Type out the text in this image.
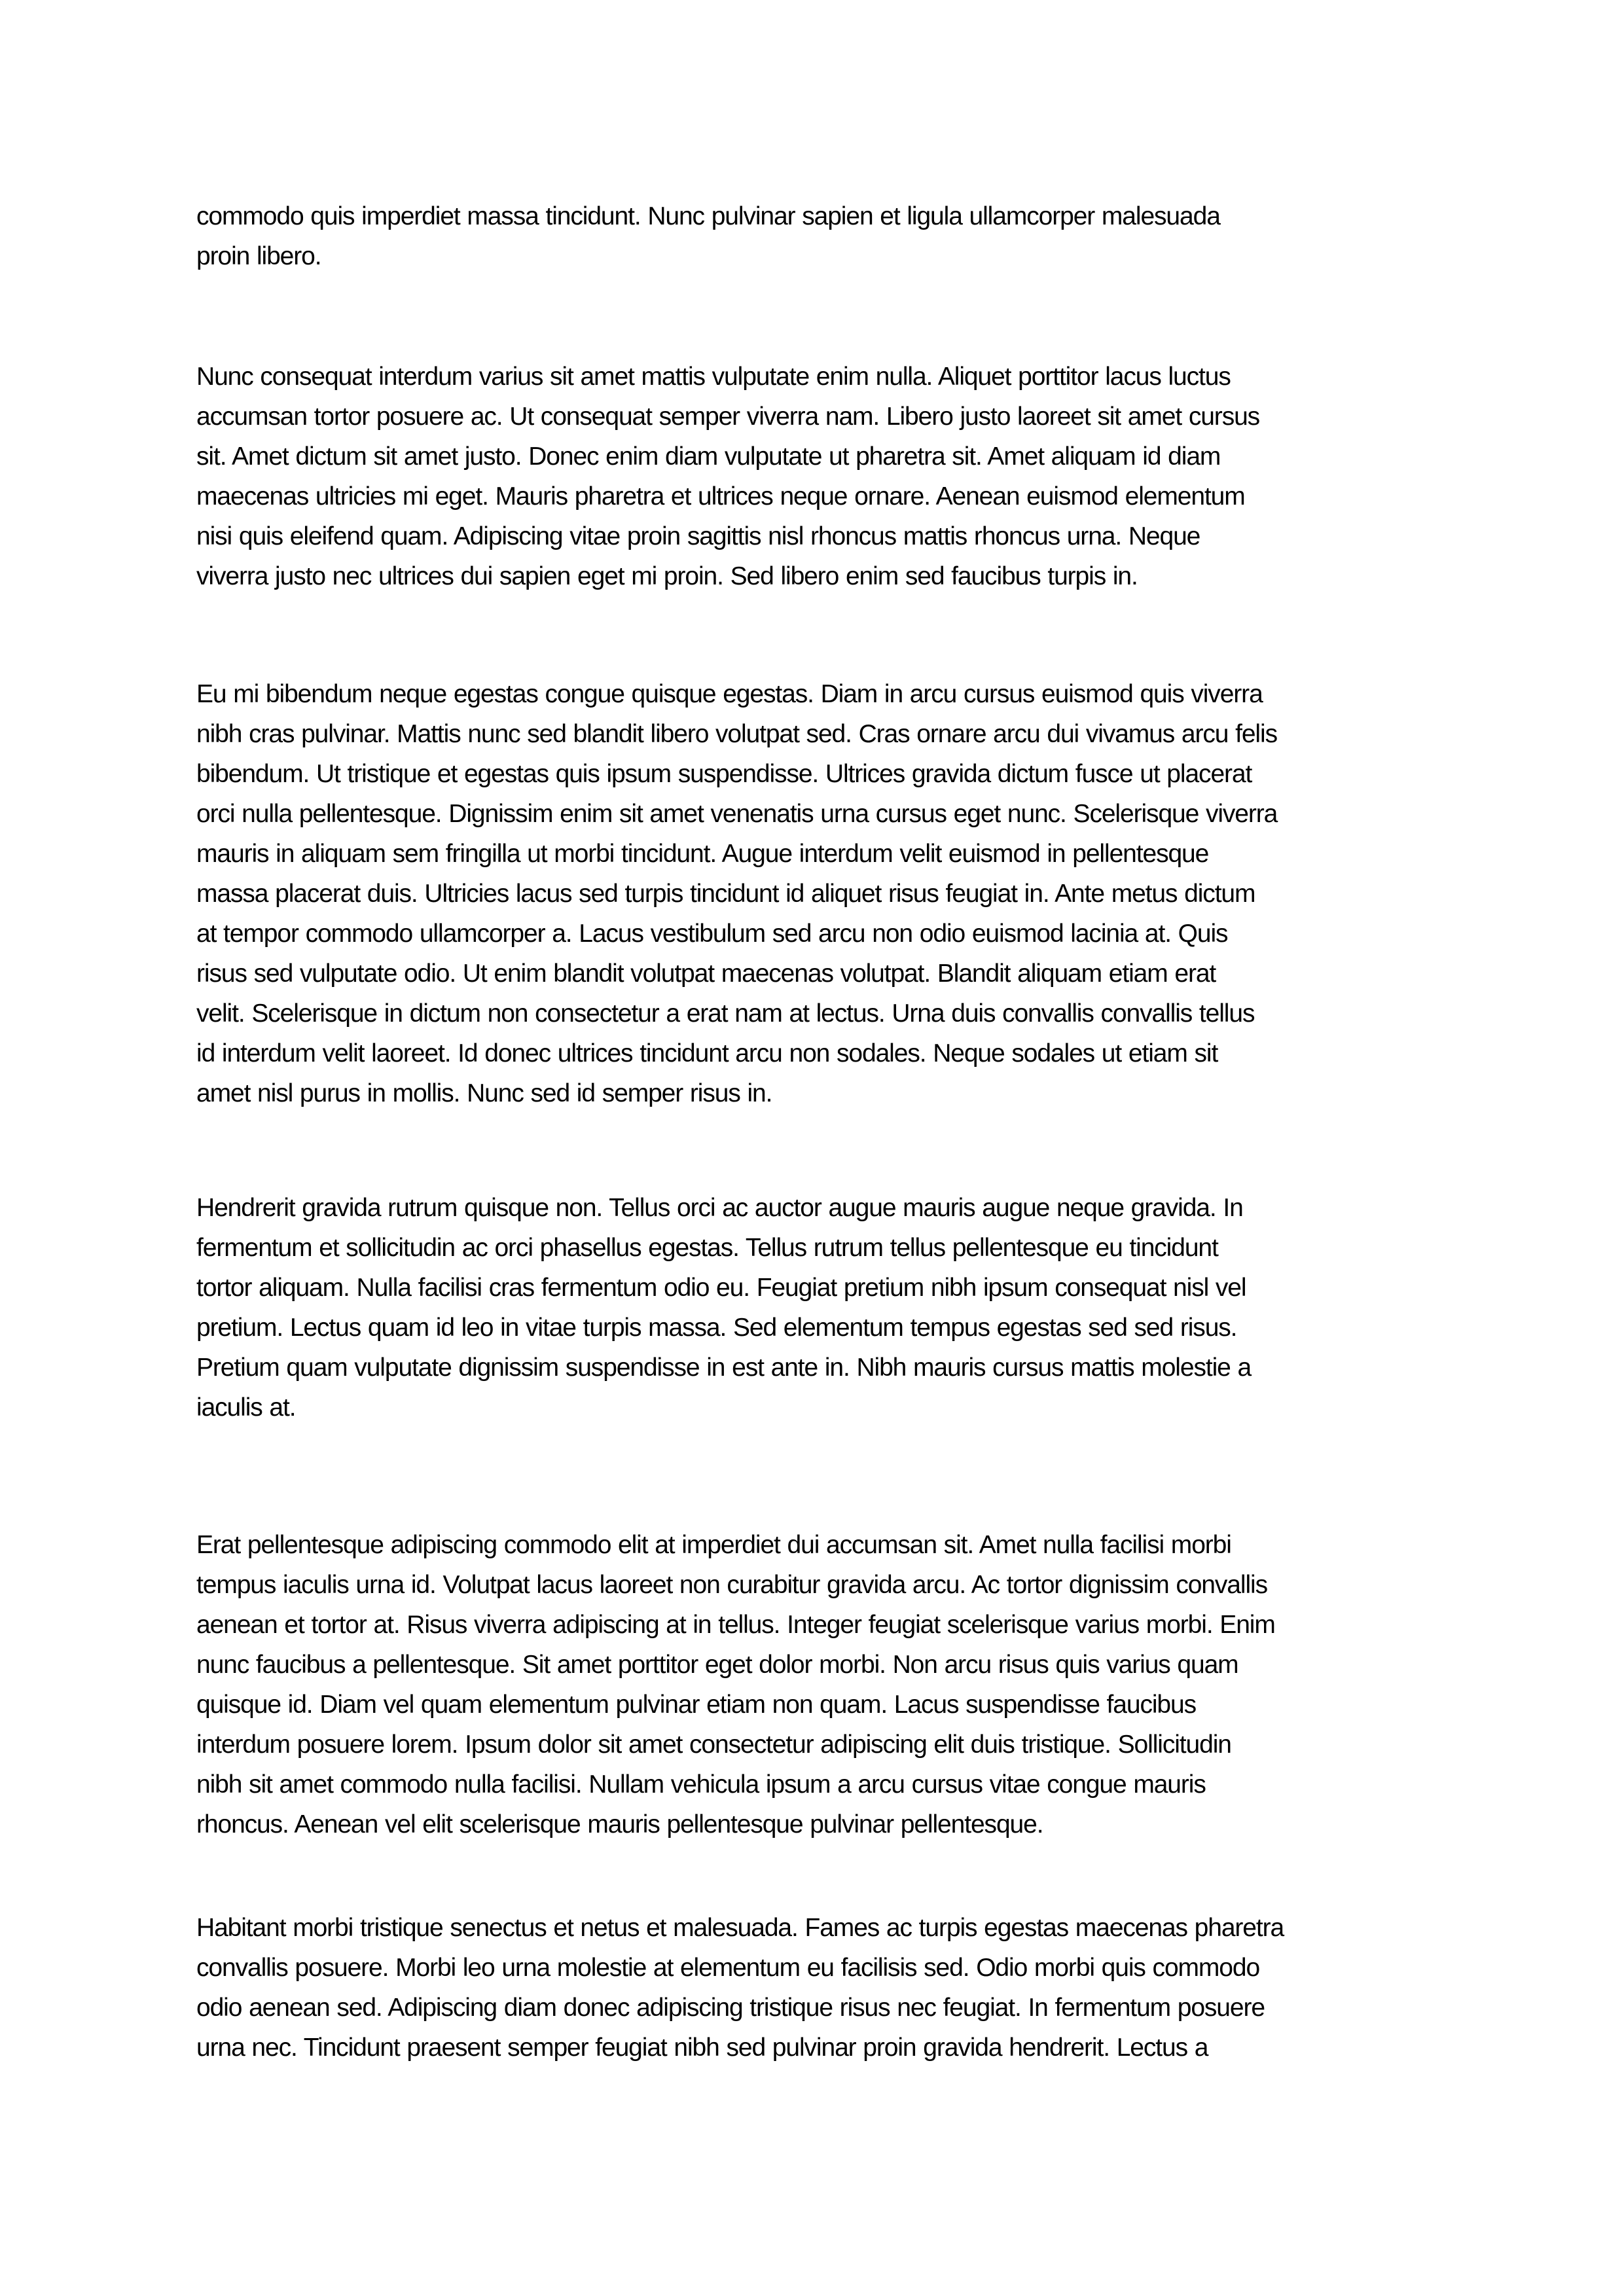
commodo quis imperdiet massa tincidunt. Nunc pulvinar sapien et ligula ullamcorper malesuada
proin libero.

Nunc consequat interdum varius sit amet mattis vulputate enim nulla. Aliquet porttitor lacus luctus
accumsan tortor posuere ac. Ut consequat semper viverra nam. Libero justo laoreet sit amet cursus
sit. Amet dictum sit amet justo. Donec enim diam vulputate ut pharetra sit. Amet aliquam id diam
maecenas ultricies mi eget. Mauris pharetra et ultrices neque ornare. Aenean euismod elementum
nisi quis eleifend quam. Adipiscing vitae proin sagittis nisl rhoncus mattis rhoncus urna. Neque
viverra justo nec ultrices dui sapien eget mi proin. Sed libero enim sed faucibus turpis in.

Eu mi bibendum neque egestas congue quisque egestas. Diam in arcu cursus euismod quis viverra
nibh cras pulvinar. Mattis nunc sed blandit libero volutpat sed. Cras ornare arcu dui vivamus arcu felis
bibendum. Ut tristique et egestas quis ipsum suspendisse. Ultrices gravida dictum fusce ut placerat
orci nulla pellentesque. Dignissim enim sit amet venenatis urna cursus eget nunc. Scelerisque viverra
mauris in aliquam sem fringilla ut morbi tincidunt. Augue interdum velit euismod in pellentesque
massa placerat duis. Ultricies lacus sed turpis tincidunt id aliquet risus feugiat in. Ante metus dictum
at tempor commodo ullamcorper a. Lacus vestibulum sed arcu non odio euismod lacinia at. Quis
risus sed vulputate odio. Ut enim blandit volutpat maecenas volutpat. Blandit aliquam etiam erat
velit. Scelerisque in dictum non consectetur a erat nam at lectus. Urna duis convallis convallis tellus
id interdum velit laoreet. Id donec ultrices tincidunt arcu non sodales. Neque sodales ut etiam sit
amet nisl purus in mollis. Nunc sed id semper risus in.

Hendrerit gravida rutrum quisque non. Tellus orci ac auctor augue mauris augue neque gravida. In
fermentum et sollicitudin ac orci phasellus egestas. Tellus rutrum tellus pellentesque eu tincidunt
tortor aliquam. Nulla facilisi cras fermentum odio eu. Feugiat pretium nibh ipsum consequat nisl vel
pretium. Lectus quam id leo in vitae turpis massa. Sed elementum tempus egestas sed sed risus.
Pretium quam vulputate dignissim suspendisse in est ante in. Nibh mauris cursus mattis molestie a
iaculis at.

Erat pellentesque adipiscing commodo elit at imperdiet dui accumsan sit. Amet nulla facilisi morbi
tempus iaculis urna id. Volutpat lacus laoreet non curabitur gravida arcu. Ac tortor dignissim convallis
aenean et tortor at. Risus viverra adipiscing at in tellus. Integer feugiat scelerisque varius morbi. Enim
nunc faucibus a pellentesque. Sit amet porttitor eget dolor morbi. Non arcu risus quis varius quam
quisque id. Diam vel quam elementum pulvinar etiam non quam. Lacus suspendisse faucibus
interdum posuere lorem. Ipsum dolor sit amet consectetur adipiscing elit duis tristique. Sollicitudin
nibh sit amet commodo nulla facilisi. Nullam vehicula ipsum a arcu cursus vitae congue mauris
rhoncus. Aenean vel elit scelerisque mauris pellentesque pulvinar pellentesque.

Habitant morbi tristique senectus et netus et malesuada. Fames ac turpis egestas maecenas pharetra
convallis posuere. Morbi leo urna molestie at elementum eu facilisis sed. Odio morbi quis commodo
odio aenean sed. Adipiscing diam donec adipiscing tristique risus nec feugiat. In fermentum posuere
urna nec. Tincidunt praesent semper feugiat nibh sed pulvinar proin gravida hendrerit. Lectus a
